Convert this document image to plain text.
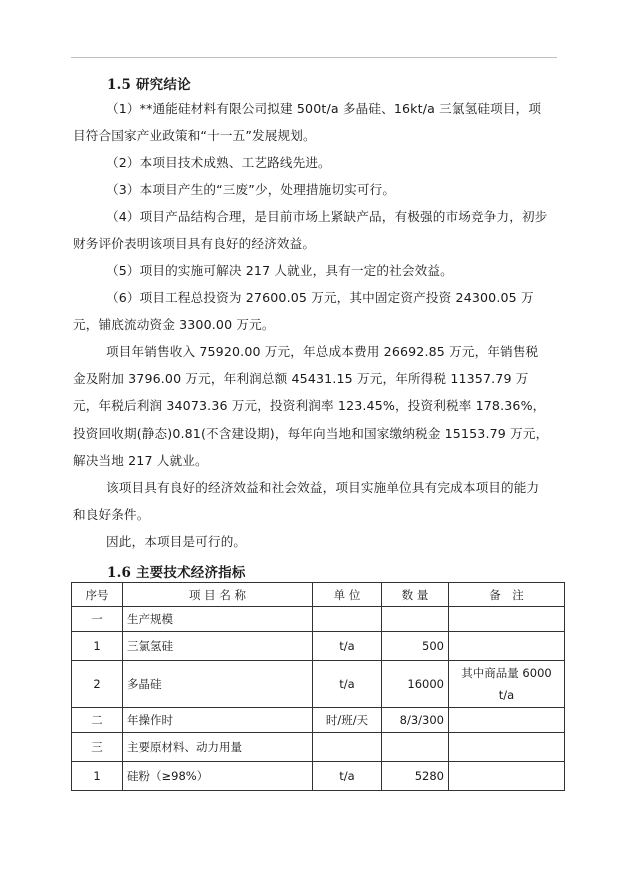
1.5 研究结论
（1）**通能硅材料有限公司拟建 500t/a 多晶硅、16kt/a 三氯氢硅项目，项目符合国家产业政策和“十一五”发展规划。
（2）本项目技术成熟、工艺路线先进。
（3）本项目产生的“三废”少，处理措施切实可行。
（4）项目产品结构合理，是目前市场上紧缺产品，有极强的市场竞争力，初步财务评价表明该项目具有良好的经济效益。
（5）项目的实施可解决 217 人就业，具有一定的社会效益。
（6）项目工程总投资为 27600.05 万元，其中固定资产投资 24300.05 万元，铺底流动资金 3300.00 万元。
项目年销售收入 75920.00 万元，年总成本费用 26692.85 万元，年销售税金及附加 3796.00 万元，年利润总额 45431.15 万元，年所得税 11357.79 万元，年税后利润 34073.36 万元，投资利润率 123.45%，投资利税率 178.36%，投资回收期(静态)0.81(不含建设期)，每年向当地和国家缴纳税金 15153.79 万元，解决当地 217 人就业。
该项目具有良好的经济效益和社会效益，项目实施单位具有完成本项目的能力和良好条件。
因此，本项目是可行的。
1.6 主要技术经济指标
序号	项 目 名 称	单 位	数 量	备　注
一	生产规模			
1	三氯氢硅	t/a	500	
2	多晶硅	t/a	16000	其中商品量 6000 t/a
二	年操作时	时/班/天	8/3/300	
三	主要原材料、动力用量			
1	硅粉（≥98%）	t/a	5280	
